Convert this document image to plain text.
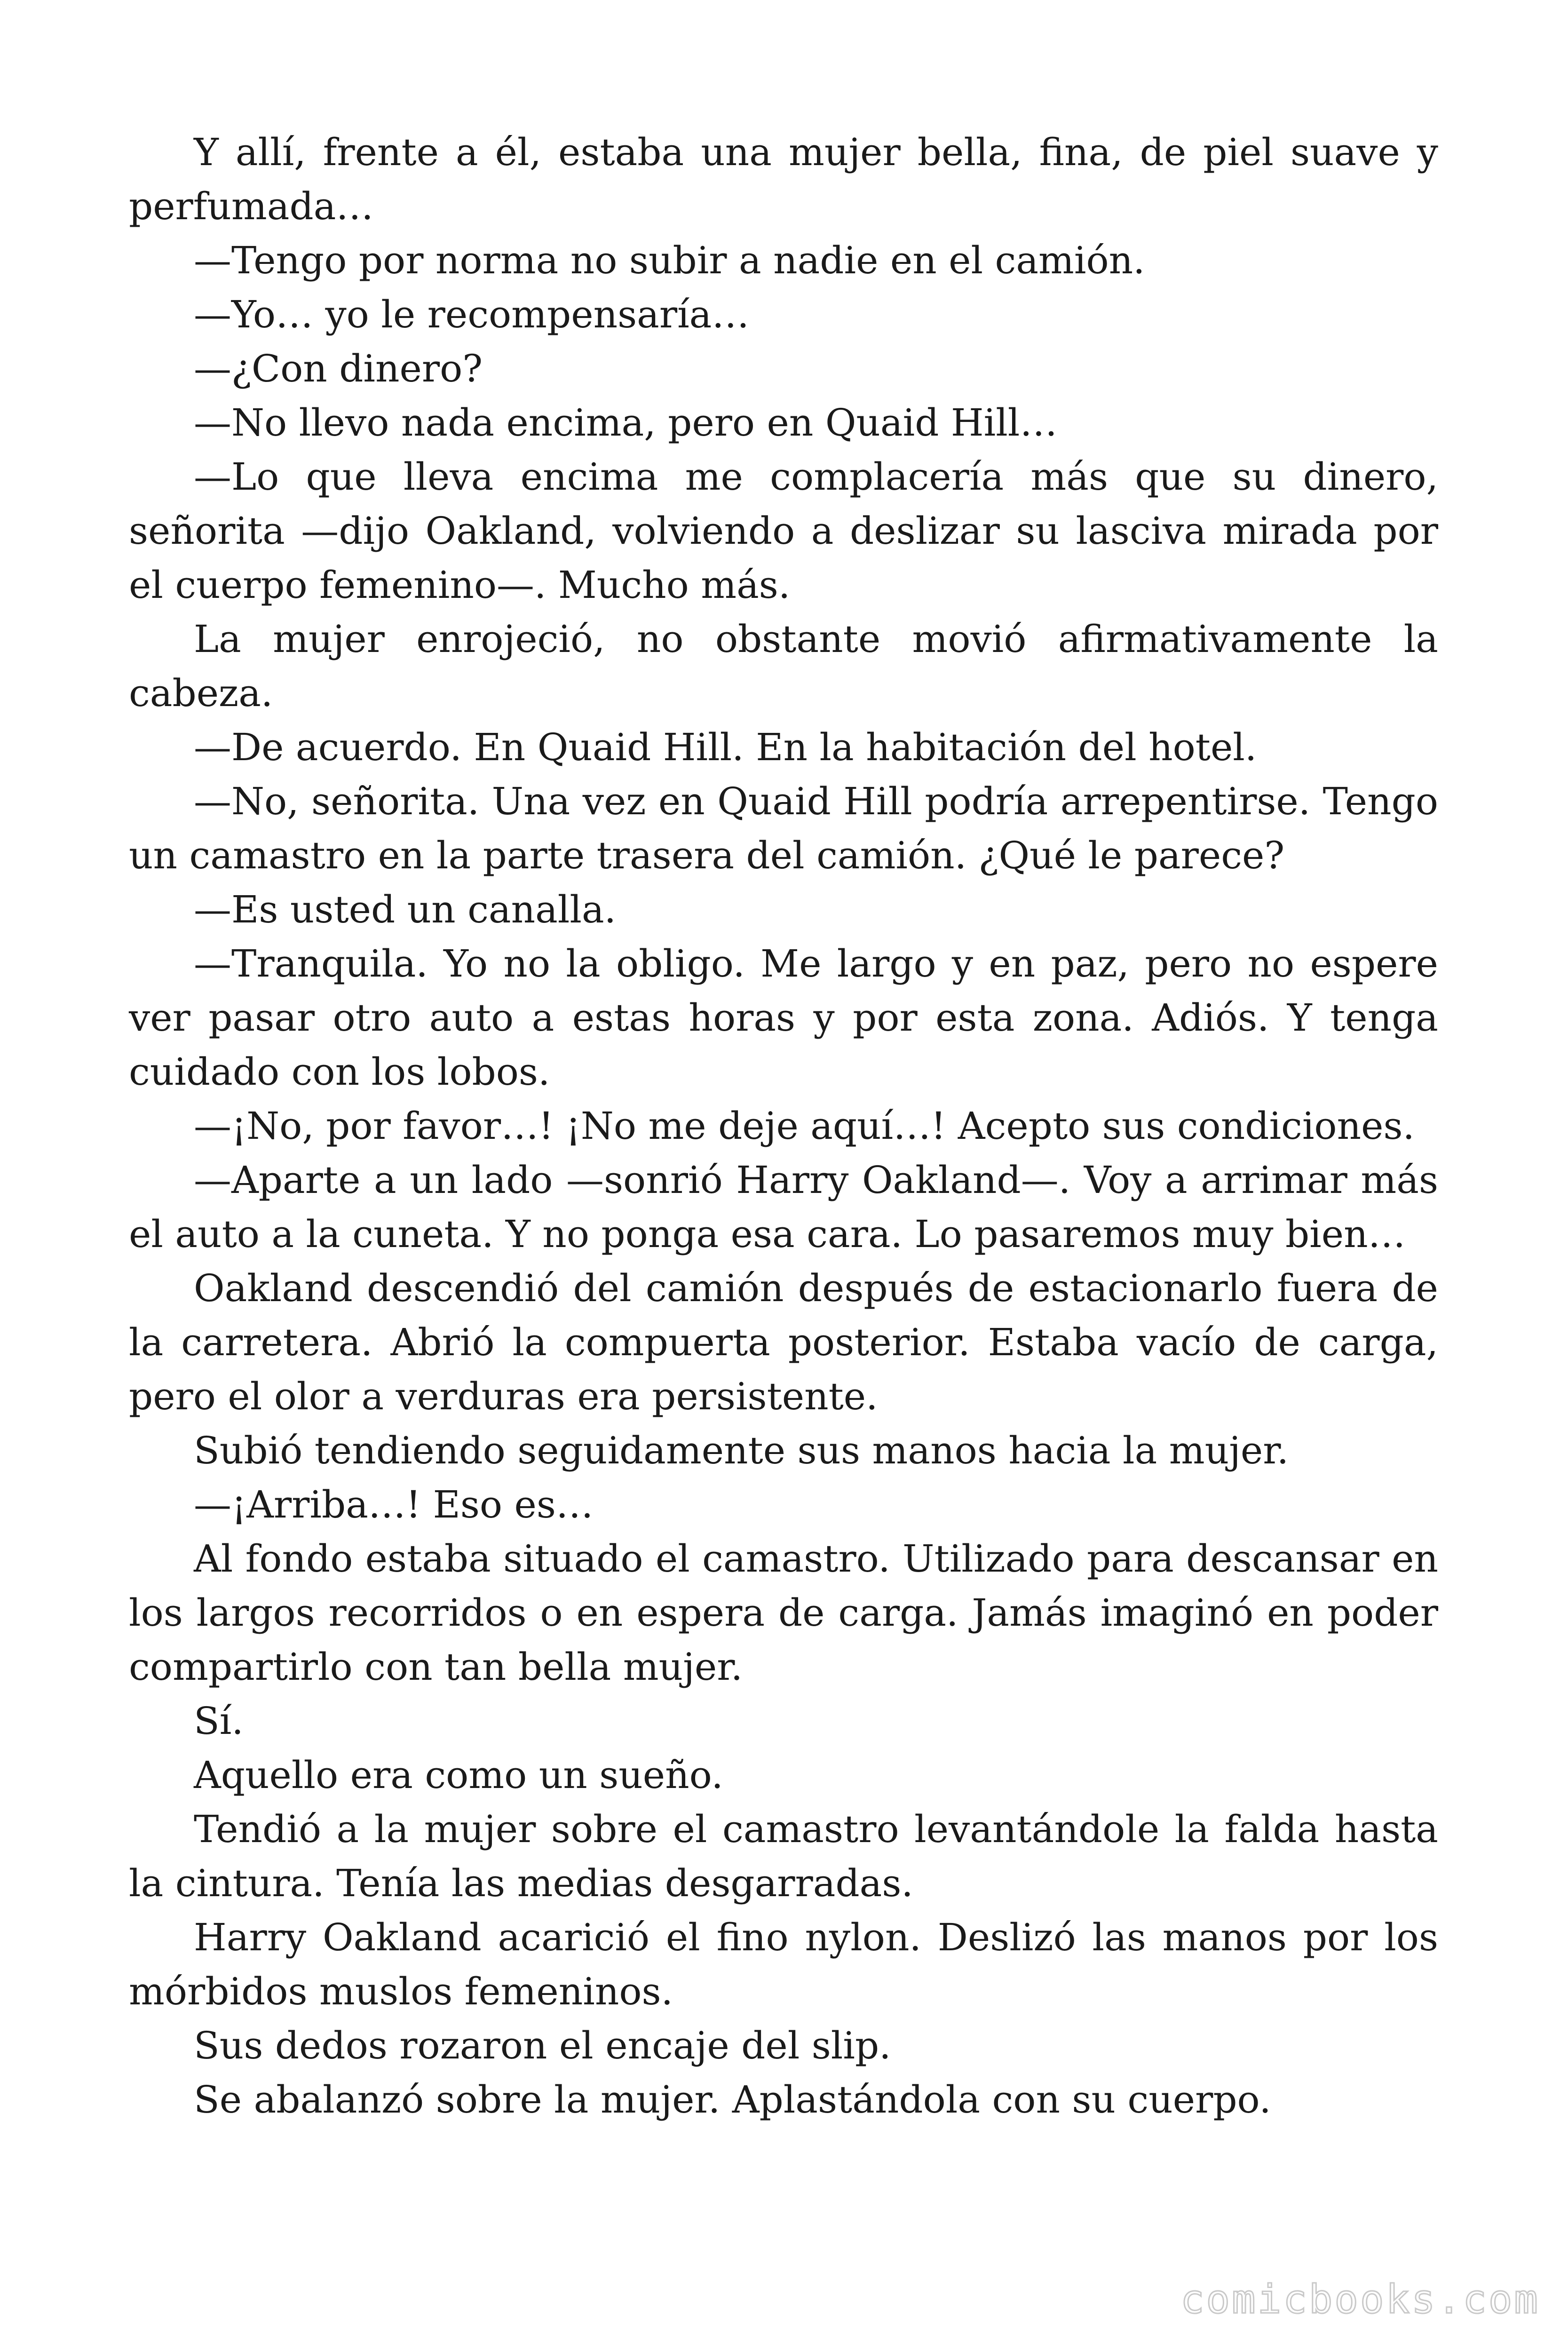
Y allí, frente a él, estaba una mujer bella, fina, de piel suave y perfumada…

—Tengo por norma no subir a nadie en el camión.

—Yo… yo le recompensaría…

—¿Con dinero?

—No llevo nada encima, pero en Quaid Hill…

—Lo que lleva encima me complacería más que su dinero, señorita —dijo Oakland, volviendo a deslizar su lasciva mirada por el cuerpo femenino—. Mucho más.

La mujer enrojeció, no obstante movió afirmativamente la cabeza.

—De acuerdo. En Quaid Hill. En la habitación del hotel.

—No, señorita. Una vez en Quaid Hill podría arrepentirse. Tengo un camastro en la parte trasera del camión. ¿Qué le parece?

—Es usted un canalla.

—Tranquila. Yo no la obligo. Me largo y en paz, pero no espere ver pasar otro auto a estas horas y por esta zona. Adiós. Y tenga cuidado con los lobos.

—¡No, por favor…! ¡No me deje aquí…! Acepto sus condiciones.

—Aparte a un lado —sonrió Harry Oakland—. Voy a arrimar más el auto a la cuneta. Y no ponga esa cara. Lo pasaremos muy bien…

Oakland descendió del camión después de estacionarlo fuera de la carretera. Abrió la compuerta posterior. Estaba vacío de carga, pero el olor a verduras era persistente.

Subió tendiendo seguidamente sus manos hacia la mujer.

—¡Arriba…! Eso es…

Al fondo estaba situado el camastro. Utilizado para descansar en los largos recorridos o en espera de carga. Jamás imaginó en poder compartirlo con tan bella mujer.

Sí.

Aquello era como un sueño.

Tendió a la mujer sobre el camastro levantándole la falda hasta la cintura. Tenía las medias desgarradas.

Harry Oakland acarició el fino nylon. Deslizó las manos por los mórbidos muslos femeninos.

Sus dedos rozaron el encaje del slip.

Se abalanzó sobre la mujer. Aplastándola con su cuerpo.

comicbooks.com
